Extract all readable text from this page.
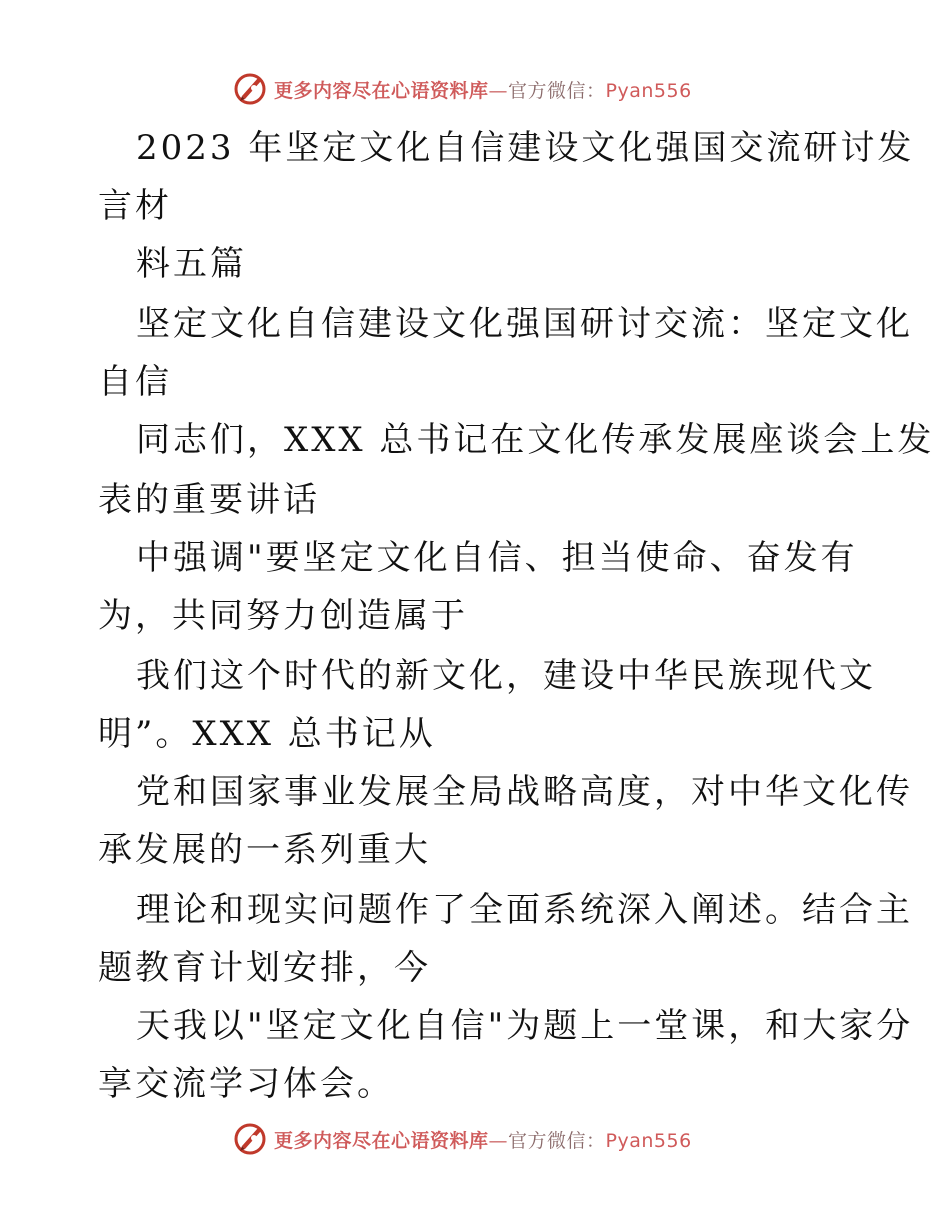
更多内容尽在心语资料库—官方微信：Pyan556
2023 年坚定文化自信建设文化强国交流研讨发
言材
料五篇
坚定文化自信建设文化强国研讨交流：坚定文化
自信
同志们，XXX 总书记在文化传承发展座谈会上发
表的重要讲话
中强调"要坚定文化自信、担当使命、奋发有
为，共同努力创造属于
我们这个时代的新文化，建设中华民族现代文
明”。XXX 总书记从
党和国家事业发展全局战略高度，对中华文化传
承发展的一系列重大
理论和现实问题作了全面系统深入阐述。结合主
题教育计划安排，今
天我以"坚定文化自信"为题上一堂课，和大家分
享交流学习体会。
更多内容尽在心语资料库—官方微信：Pyan556
